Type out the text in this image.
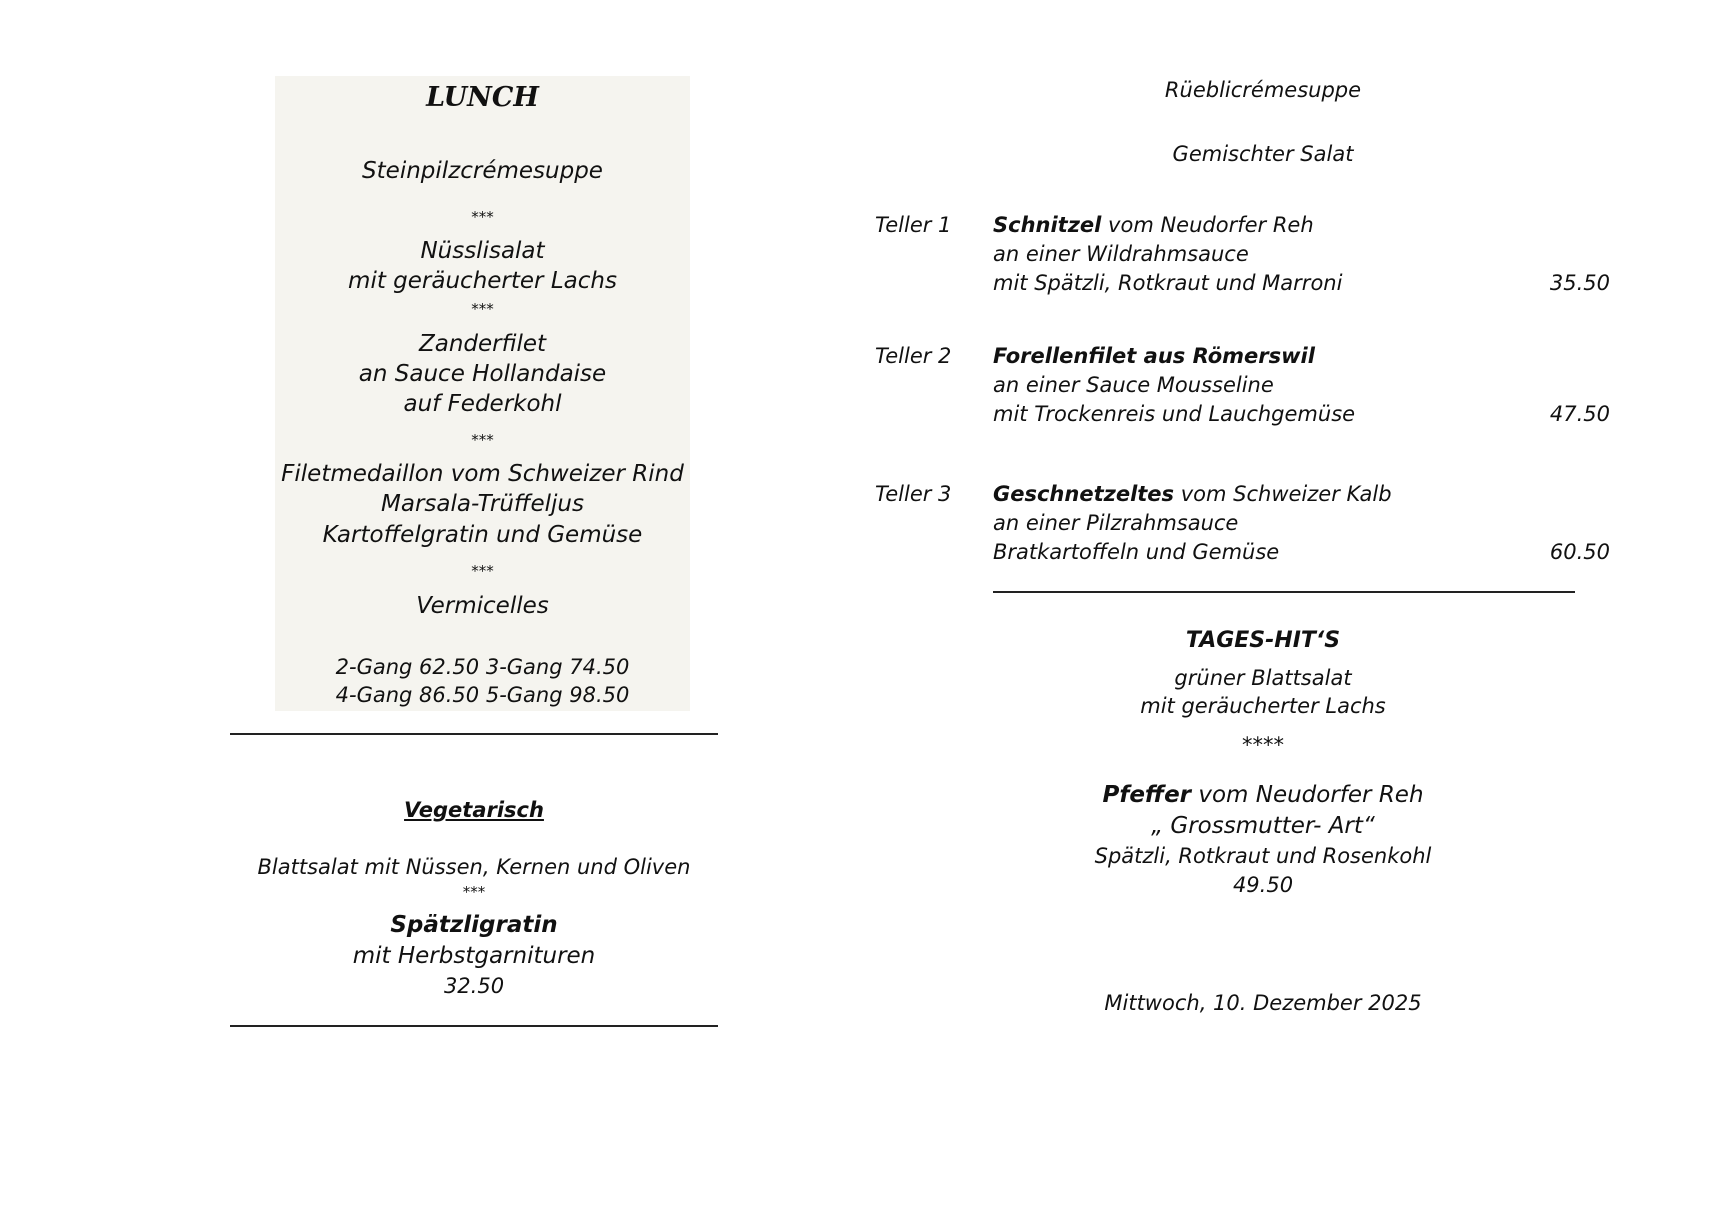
LUNCH
Steinpilzcrémesuppe
***
Nüsslisalat
mit geräucherter Lachs
***
Zanderfilet
an Sauce Hollandaise
auf Federkohl
***
Filetmedaillon vom Schweizer Rind
Marsala-Trüffeljus
Kartoffelgratin und Gemüse
***
Vermicelles
2-Gang 62.50 3-Gang 74.50
4-Gang 86.50 5-Gang 98.50
Vegetarisch
Blattsalat mit Nüssen, Kernen und Oliven
***
Spätzligratin
mit Herbstgarnituren
32.50
Rüeblicrémesuppe
Gemischter Salat
Teller 1 Schnitzel vom Neudorfer Reh
an einer Wildrahmsauce
mit Spätzli, Rotkraut und Marroni	35.50
Teller 2 Forellenfilet aus Römerswil
an einer Sauce Mousseline
mit Trockenreis und Lauchgemüse	47.50
Teller 3 Geschnetzeltes vom Schweizer Kalb
an einer Pilzrahmsauce
Bratkartoffeln und Gemüse	60.50
TAGES-HIT‘S
grüner Blattsalat
mit geräucherter Lachs
****
Pfeffer vom Neudorfer Reh
„ Grossmutter- Art“
Spätzli, Rotkraut und Rosenkohl
49.50
Mittwoch, 10. Dezember 2025
